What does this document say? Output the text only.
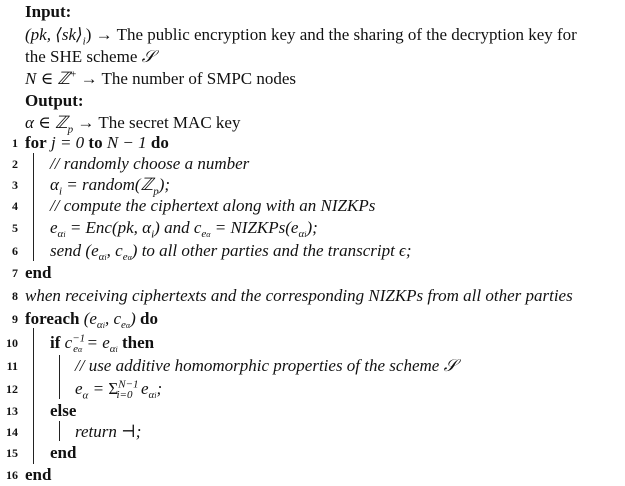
Input:
(pk, $⟨sk⟩_i$) → The public encryption key and the sharing of the decryption key for
the SHE scheme 𝒮
N ∈ ℤ+ → The number of SMPC nodes
Output:
α ∈ ℤ$_p$ → The secret MAC key
1
2
3
4
5
6
7
8
9
10
11
12
13
14
15
16
for j = 0 to N − 1 do
// randomly choose a number
$\alpha_i$ = random(ℤ$_p$);
// compute the ciphertext along with an NIZKPs
$e_{\alpha i} = Enc(pk$, $\alpha_i$) and $c_{e\alpha}$ = $NIZKPs(e_{\alpha i})$;
send ($e_{\alpha i}$, $c_{e\alpha}$) to all other parties and the transcript ϵ;
end
when receiving ciphertexts and the corresponding NIZKPs from all other parties
foreach ($e_{\alpha i}$, $c_{e\alpha}$) do
if $c^{-1}_{e\alpha} = e_{\alpha i}$ then
// use additive homomorphic properties of the scheme 𝒮
$e_\alpha = \Sigma^{N-1}_{i=0}$  $e_{\alpha i}$;
else
return ⊣;
end
end
